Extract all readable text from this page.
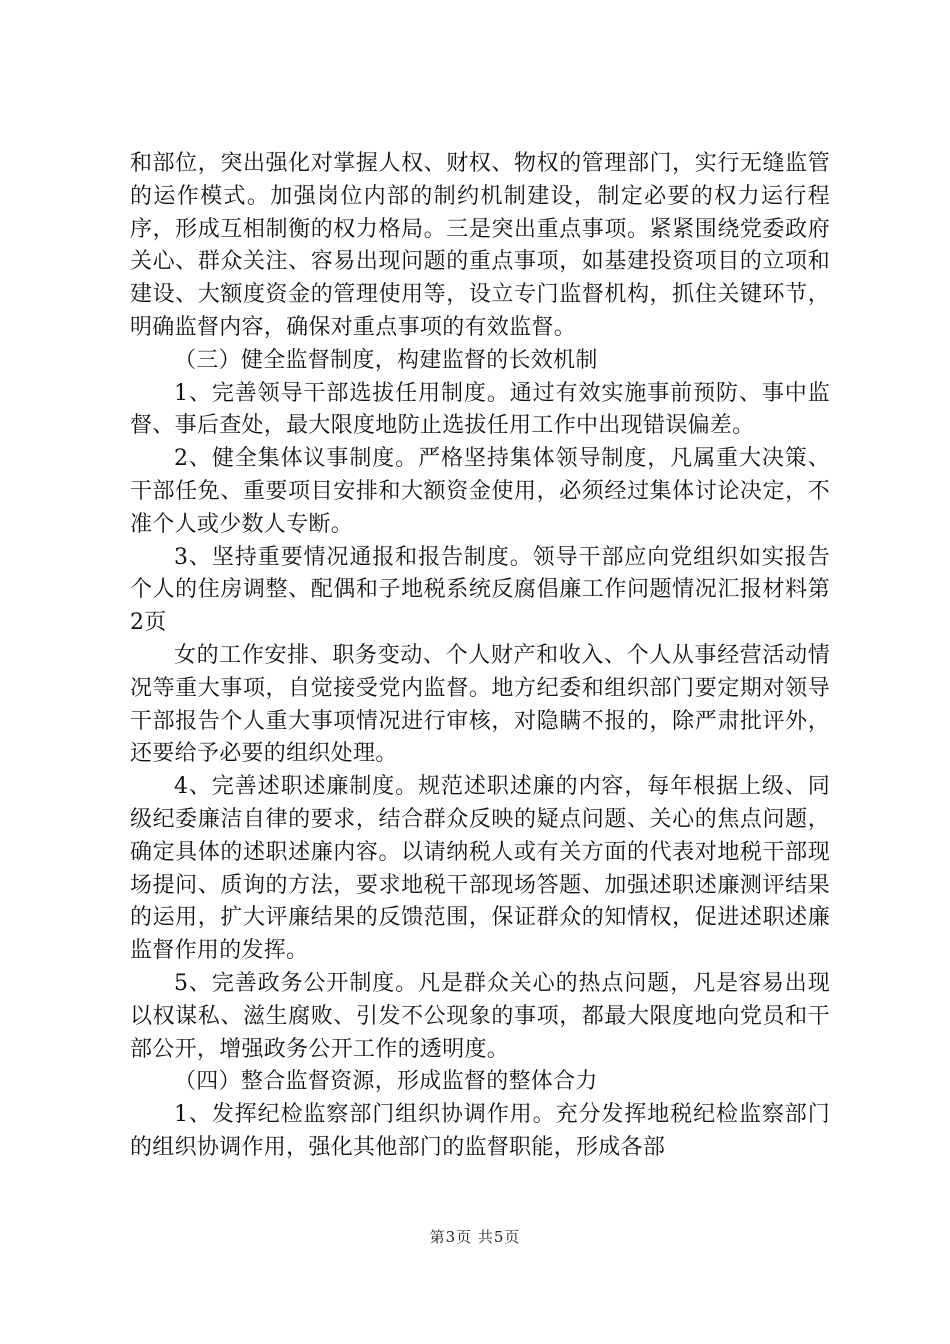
和部位，突出强化对掌握人权、财权、物权的管理部门，实行无缝监管的运作模式。加强岗位内部的制约机制建设，制定必要的权力运行程序，形成互相制衡的权力格局。三是突出重点事项。紧紧围绕党委政府关心、群众关注、容易出现问题的重点事项，如基建投资项目的立项和建设、大额度资金的管理使用等，设立专门监督机构，抓住关键环节，明确监督内容，确保对重点事项的有效监督。

（三）健全监督制度，构建监督的长效机制

1、完善领导干部选拔任用制度。通过有效实施事前预防、事中监督、事后查处，最大限度地防止选拔任用工作中出现错误偏差。

2、健全集体议事制度。严格坚持集体领导制度，凡属重大决策、干部任免、重要项目安排和大额资金使用，必须经过集体讨论决定，不准个人或少数人专断。

3、坚持重要情况通报和报告制度。领导干部应向党组织如实报告个人的住房调整、配偶和子地税系统反腐倡廉工作问题情况汇报材料第2页

女的工作安排、职务变动、个人财产和收入、个人从事经营活动情况等重大事项，自觉接受党内监督。地方纪委和组织部门要定期对领导干部报告个人重大事项情况进行审核，对隐瞒不报的，除严肃批评外，还要给予必要的组织处理。

4、完善述职述廉制度。规范述职述廉的内容，每年根据上级、同级纪委廉洁自律的要求，结合群众反映的疑点问题、关心的焦点问题，确定具体的述职述廉内容。以请纳税人或有关方面的代表对地税干部现场提问、质询的方法，要求地税干部现场答题、加强述职述廉测评结果的运用，扩大评廉结果的反馈范围，保证群众的知情权，促进述职述廉监督作用的发挥。

5、完善政务公开制度。凡是群众关心的热点问题，凡是容易出现以权谋私、滋生腐败、引发不公现象的事项，都最大限度地向党员和干部公开，增强政务公开工作的透明度。

（四）整合监督资源，形成监督的整体合力

1、发挥纪检监察部门组织协调作用。充分发挥地税纪检监察部门的组织协调作用，强化其他部门的监督职能，形成各部

第3页 共5页
